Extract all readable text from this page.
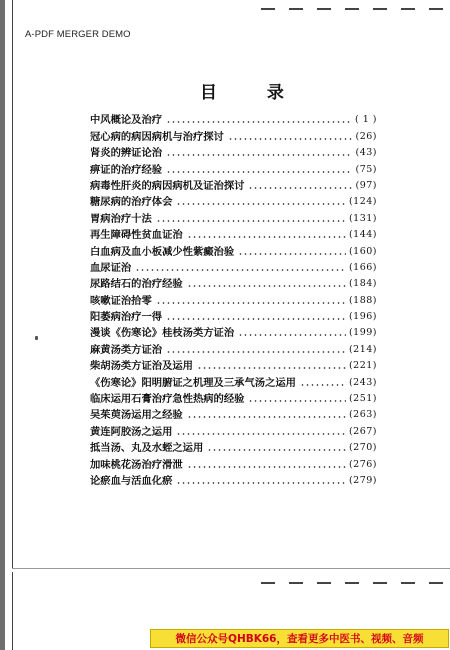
A-PDF MERGER DEMO
目 录
中风概论及治疗	( 1 )
冠心病的病因病机与治疗探讨	(26)
肾炎的辨证论治	(43)
痹证的治疗经验	(75)
病毒性肝炎的病因病机及证治探讨	(97)
糖尿病的治疗体会	(124)
胃病治疗十法	(131)
再生障碍性贫血证治	(144)
白血病及血小板减少性紫癜治验	(160)
血尿证治	(166)
尿路结石的治疗经验	(184)
咳嗽证治拾零	(188)
阳萎病治疗一得	(196)
漫谈《伤寒论》桂枝汤类方证治	(199)
麻黄汤类方证治	(214)
柴胡汤类方证治及运用	(221)
《伤寒论》阳明腑证之机理及三承气汤之运用	(243)
临床运用石膏治疗急性热病的经验	(251)
吴茱萸汤运用之经验	(263)
黄连阿胶汤之运用	(267)
抵当汤、丸及水蛭之运用	(270)
加味桃花汤治疗滑泄	(276)
论瘀血与活血化瘀	(279)
微信公众号QHBK66，查看更多中医书、视频、音频
